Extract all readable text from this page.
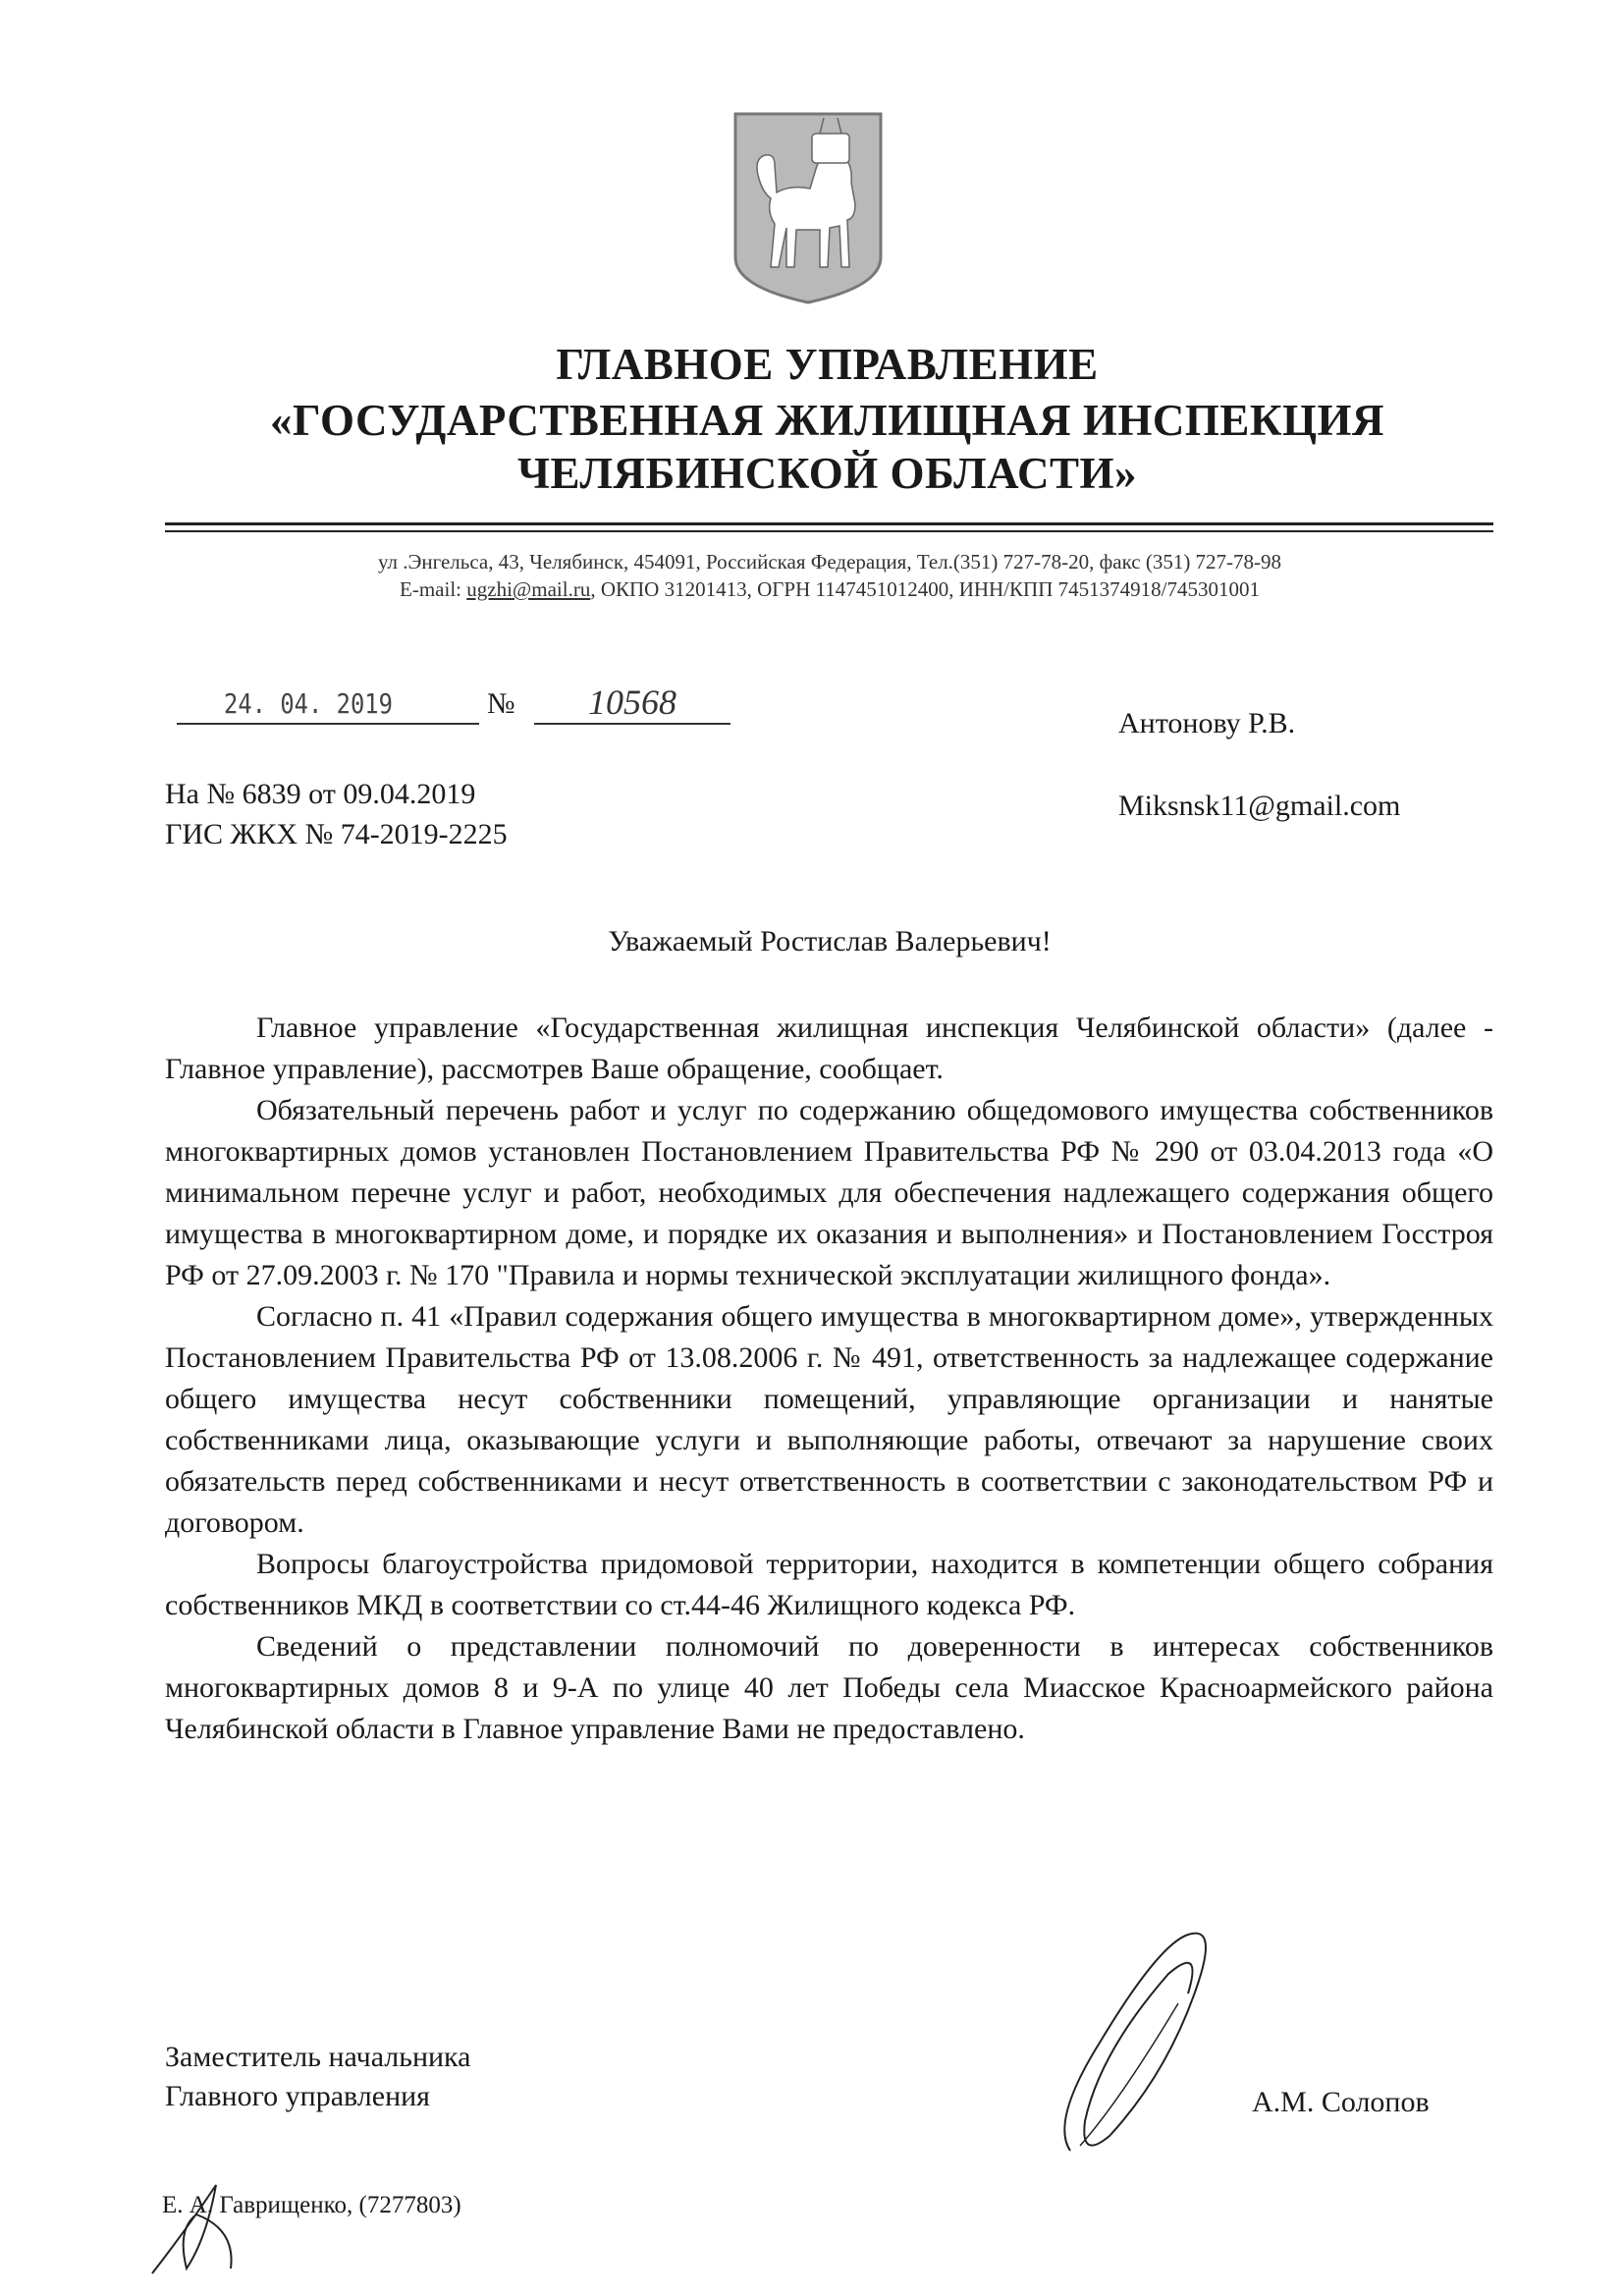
ГЛАВНОЕ УПРАВЛЕНИЕ
«ГОСУДАРСТВЕННАЯ ЖИЛИЩНАЯ ИНСПЕКЦИЯ
ЧЕЛЯБИНСКОЙ ОБЛАСТИ»
ул .Энгельса, 43, Челябинск, 454091, Российская Федерация, Тел.(351) 727-78-20, факс (351) 727-78-98
E-mail: ugzhi@mail.ru, ОКПО 31201413, ОГРН 1147451012400, ИНН/КПП 7451374918/745301001
24. 04. 2019	№ 10568
Антонову Р.В.
Miksnsk11@gmail.com
На № 6839 от 09.04.2019
ГИС ЖКХ № 74-2019-2225
Уважаемый Ростислав Валерьевич!

Главное управление «Государственная жилищная инспекция Челябинской области» (далее - Главное управление), рассмотрев Ваше обращение, сообщает.

Обязательный перечень работ и услуг по содержанию общедомового имущества собственников многоквартирных домов установлен Постановлением Правительства РФ № 290 от 03.04.2013 года «О минимальном перечне услуг и работ, необходимых для обеспечения надлежащего содержания общего имущества в многоквартирном доме, и порядке их оказания и выполнения» и Постановлением Госстроя РФ от 27.09.2003 г. № 170 "Правила и нормы технической эксплуатации жилищного фонда».

Согласно п. 41 «Правил содержания общего имущества в многоквартирном доме», утвержденных Постановлением Правительства РФ от 13.08.2006 г. № 491, ответственность за надлежащее содержание общего имущества несут собственники помещений, управляющие организации и нанятые собственниками лица, оказывающие услуги и выполняющие работы, отвечают за нарушение своих обязательств перед собственниками и несут ответственность в соответствии с законодательством РФ и договором.

Вопросы благоустройства придомовой территории, находится в компетенции общего собрания собственников МКД в соответствии со ст.44-46 Жилищного кодекса РФ.

Сведений о представлении полномочий по доверенности в интересах собственников многоквартирных домов 8 и 9-А по улице 40 лет Победы села Миасское Красноармейского района Челябинской области в Главное управление Вами не предоставлено.

Заместитель начальника
Главного управления	А.М. Солопов
Е. А. Гаврищенко, (7277803)
